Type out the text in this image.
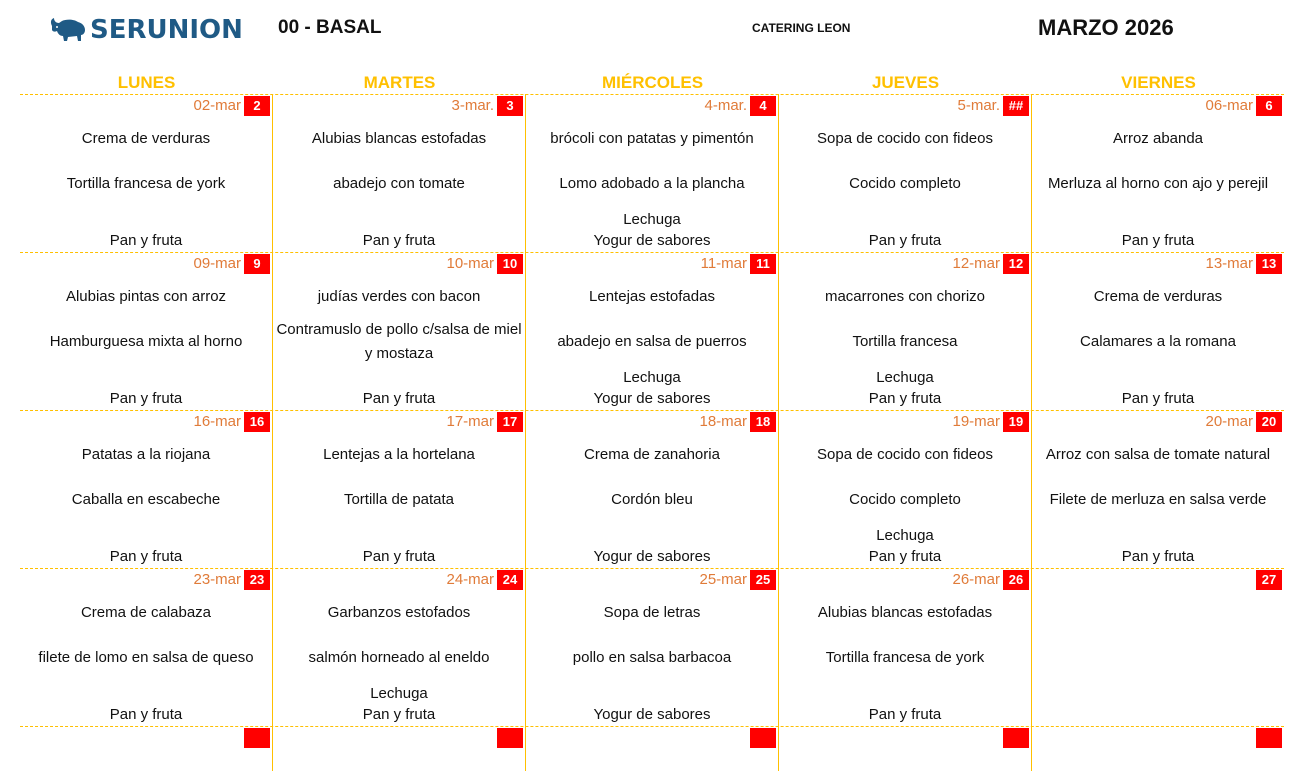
SERUNION 00 - BASAL	CATERING LEON	MARZO 2026
LUNES	MARTES	MIÉRCOLES	JUEVES	VIERNES
02-mar 2
Crema de verduras
Tortilla francesa de york
Pan y fruta
3-mar. 3
Alubias blancas estofadas
abadejo con tomate
Pan y fruta
4-mar. 4
brócoli con patatas y pimentón
Lomo adobado a la plancha
Lechuga
Yogur de sabores
5-mar. ##
Sopa de cocido con fideos
Cocido completo
Pan y fruta
06-mar 6
Arroz abanda
Merluza al horno con ajo y perejil
Pan y fruta
09-mar 9
Alubias pintas con arroz
Hamburguesa mixta al horno
Pan y fruta
10-mar 10
judías verdes con bacon
Contramuslo de pollo c/salsa de miel y mostaza
Pan y fruta
11-mar 11
Lentejas estofadas
abadejo en salsa de puerros
Lechuga
Yogur de sabores
12-mar 12
macarrones con chorizo
Tortilla francesa
Lechuga
Pan y fruta
13-mar 13
Crema de verduras
Calamares a la romana
Pan y fruta
16-mar 16
Patatas a la riojana
Caballa en escabeche
Pan y fruta
17-mar 17
Lentejas a la hortelana
Tortilla de patata
Pan y fruta
18-mar 18
Crema de zanahoria
Cordón bleu
Yogur de sabores
19-mar 19
Sopa de cocido con fideos
Cocido completo
Lechuga
Pan y fruta
20-mar 20
Arroz con salsa de tomate natural
Filete de merluza en salsa verde
Pan y fruta
23-mar 23
Crema de calabaza
filete de lomo en salsa de queso
Pan y fruta
24-mar 24
Garbanzos estofados
salmón horneado al eneldo
Lechuga
Pan y fruta
25-mar 25
Sopa de letras
pollo en salsa barbacoa
Yogur de sabores
26-mar 26
Alubias blancas estofadas
Tortilla francesa de york
Pan y fruta
27
